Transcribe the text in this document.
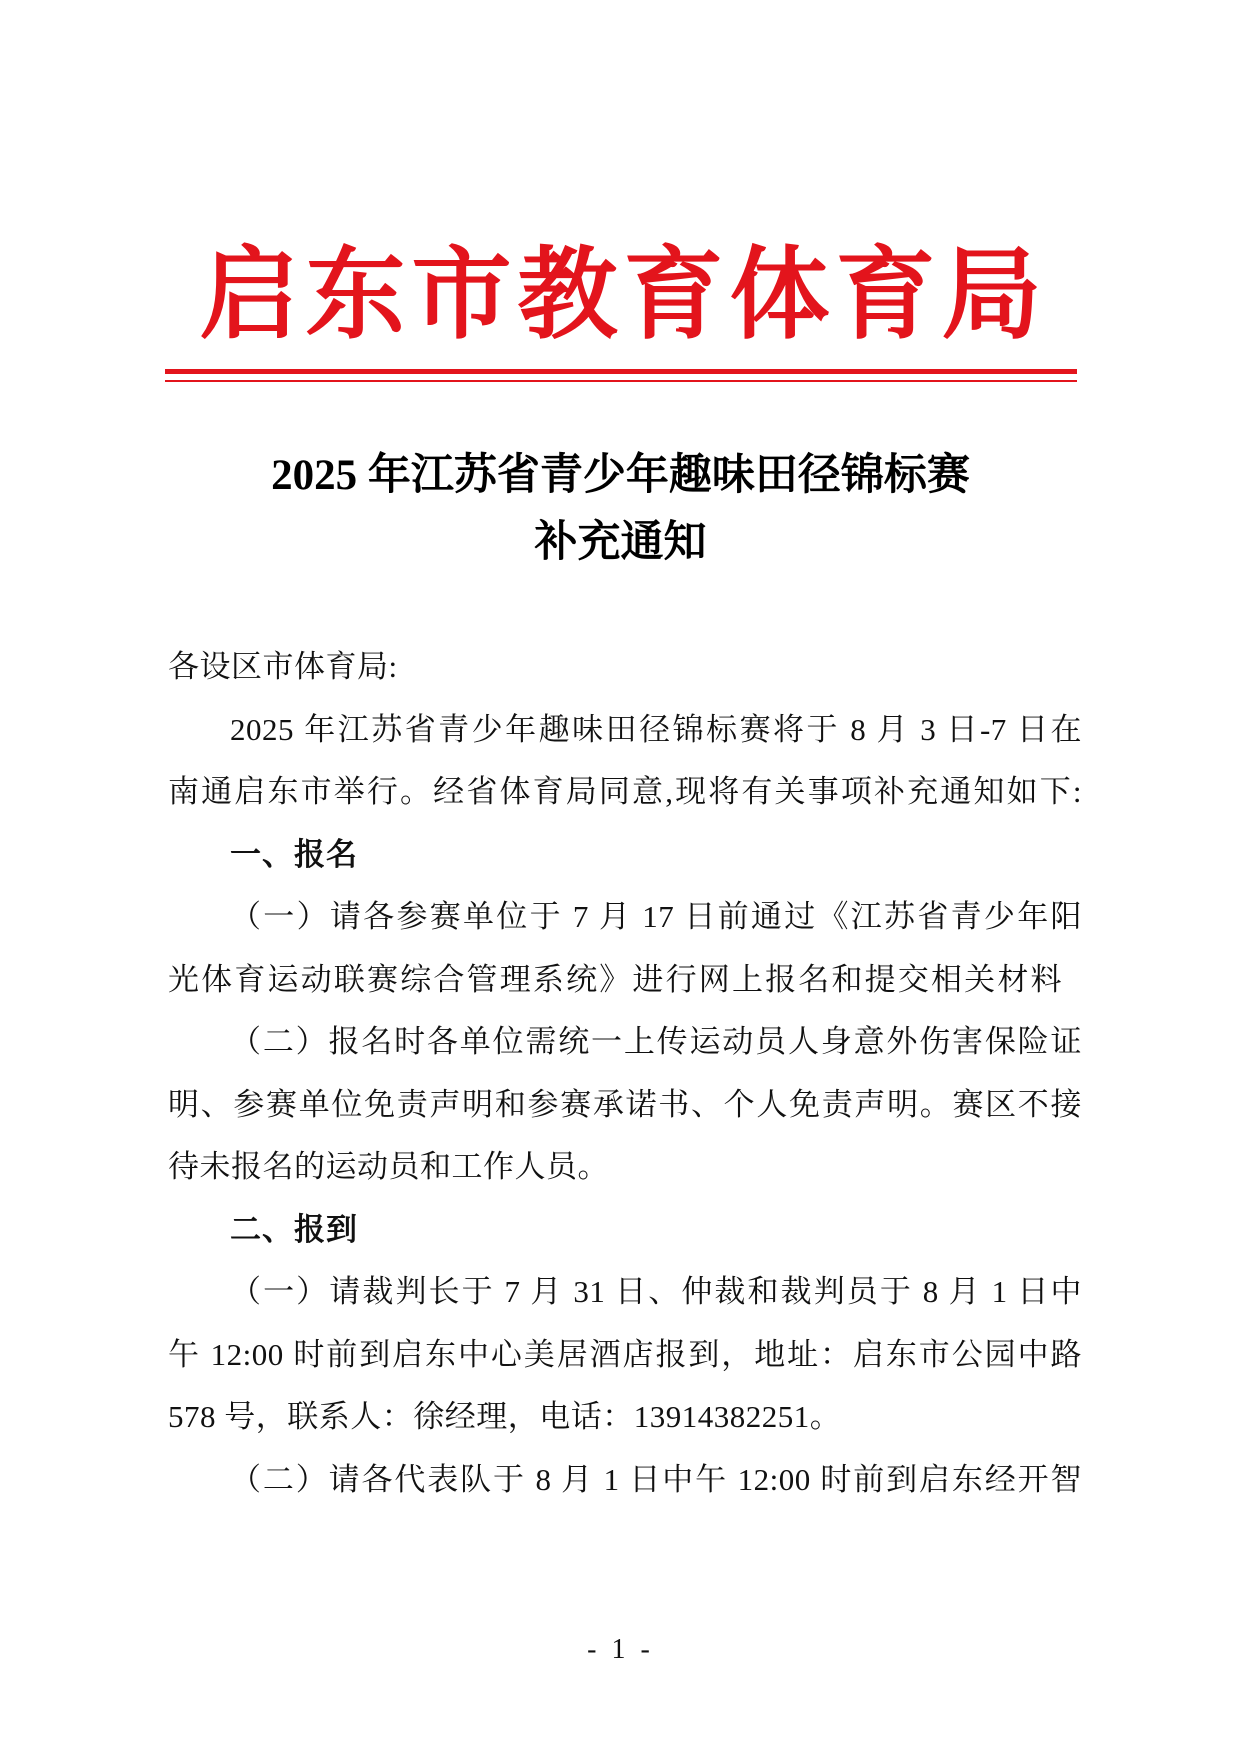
启东市教育体育局
2025 年江苏省青少年趣味田径锦标赛
补充通知
各设区市体育局:
2025 年江苏省青少年趣味田径锦标赛将于 8 月 3 日-7 日在
南通启东市举行。经省体育局同意,现将有关事项补充通知如下:
一、报名
（一）请各参赛单位于 7 月 17 日前通过《江苏省青少年阳
光体育运动联赛综合管理系统》进行网上报名和提交相关材料
（二）报名时各单位需统一上传运动员人身意外伤害保险证
明、参赛单位免责声明和参赛承诺书、个人免责声明。赛区不接
待未报名的运动员和工作人员。
二、报到
（一）请裁判长于 7 月 31 日、仲裁和裁判员于 8 月 1 日中
午 12:00 时前到启东中心美居酒店报到，地址：启东市公园中路
578 号，联系人：徐经理，电话：13914382251。
（二）请各代表队于 8 月 1 日中午 12:00 时前到启东经开智
- 1 -
